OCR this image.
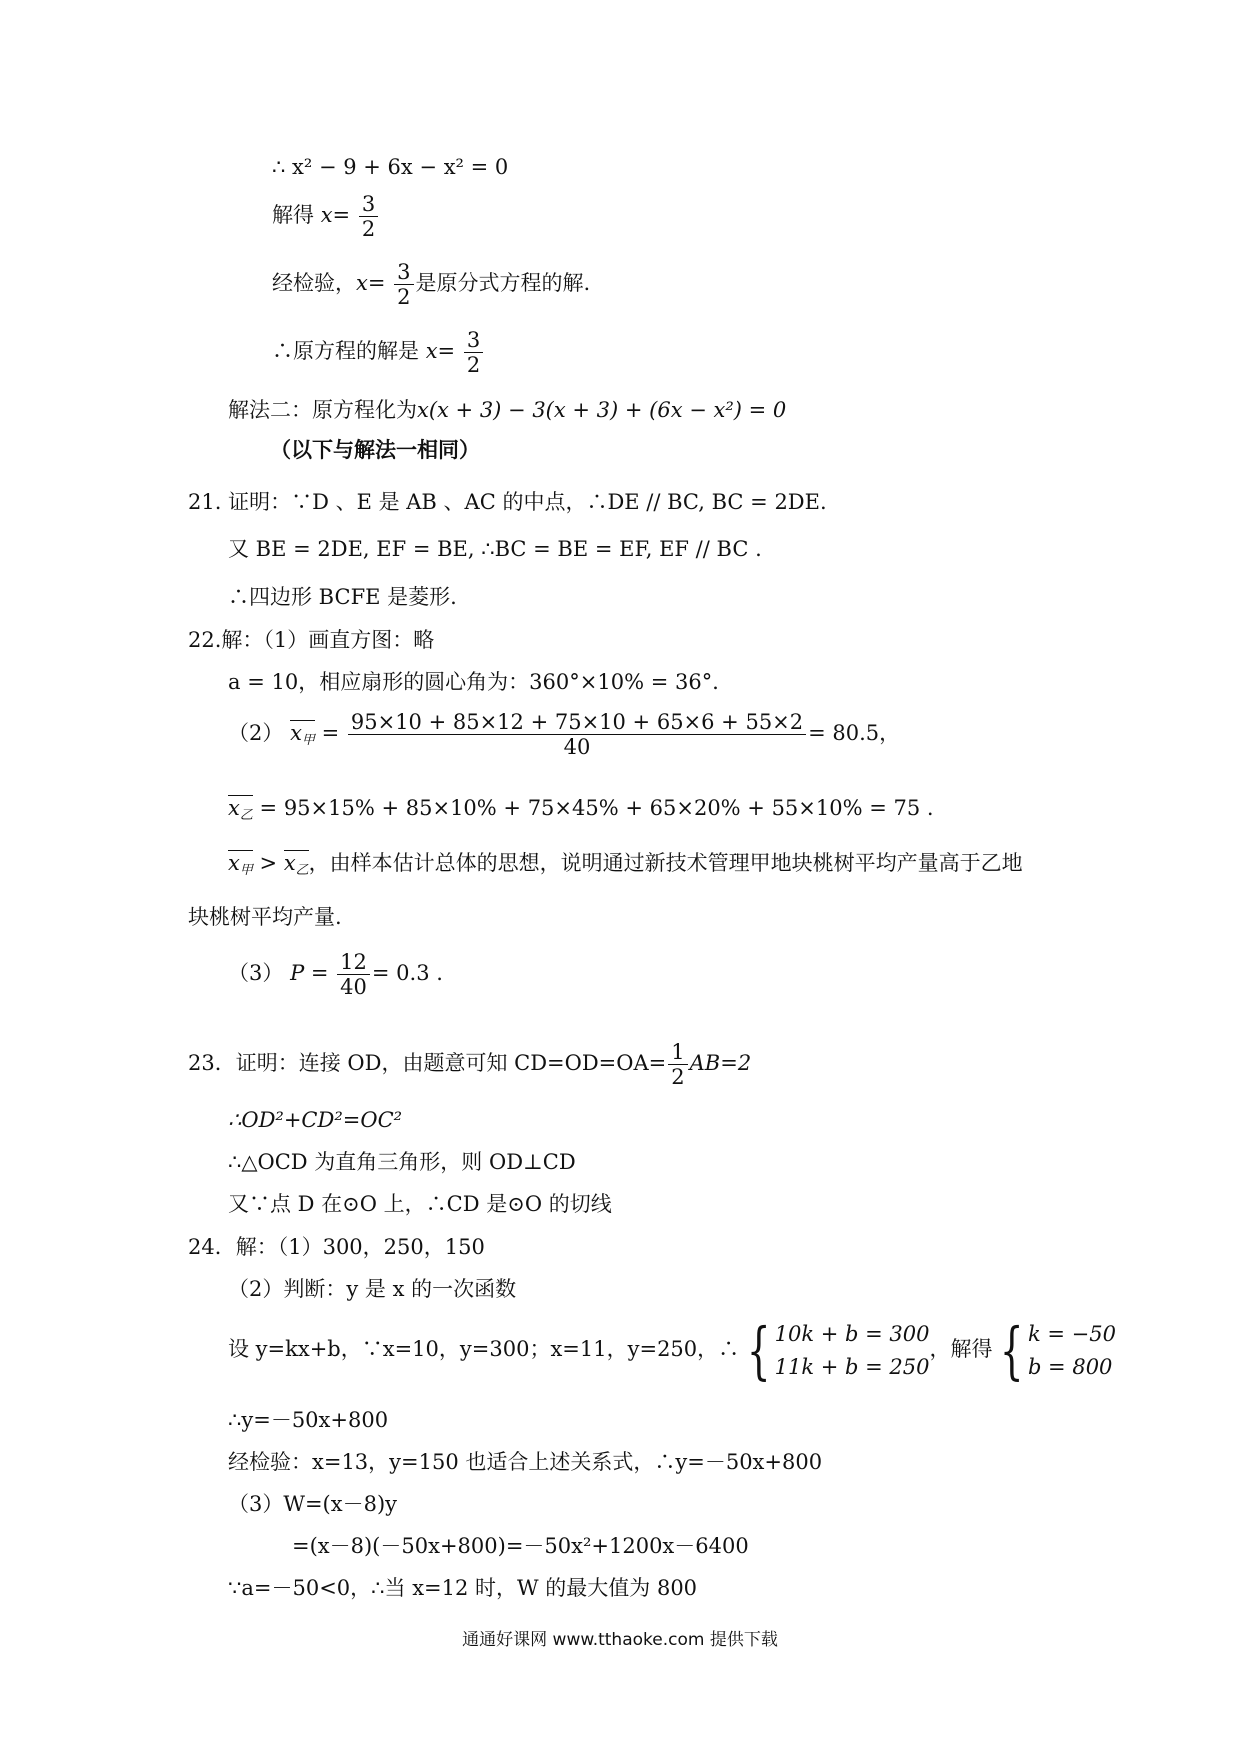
∴ x² − 9 + 6x − x² = 0
解得 $x= \frac{3}{2}$
经检验，$x= \frac{3}{2}$ 是原分式方程的解.
∴原方程的解是 $x= \frac{3}{2}$
解法二：原方程化为x(x + 3) − 3(x + 3) + (6x − x²) = 0
（以下与解法一相同）
21. 证明：∵D 、E 是 AB 、AC 的中点，∴DE // BC, BC = 2DE.
又 BE = 2DE, EF = BE, ∴BC = BE = EF, EF // BC .
∴四边形 BCFE 是菱形.
22.解：（1）画直方图：略
a = 10，相应扇形的圆心角为：360°×10% = 36°．
（2） $x_甲 = \frac{95\times 10 + 85\times 12 + 75\times 10 + 65\times 6 + 55\times 2}{40} = 80.5$，
$x_乙 = 95\times 15\% + 85\times 10\% + 75\times 45\% + 65\times 20\% + 55\times 10\% = 75$ .
$x_甲 > x_乙$，由样本估计总体的思想，说明通过新技术管理甲地块桃树平均产量高于乙地
块桃树平均产量.
（3） $P = \frac{12}{40} = 0.3$ .
23．证明：连接 OD，由题意可知 $CD=OD=OA= \frac{1}{2} AB=2$
∴OD²+CD²=OC²
∴△OCD 为直角三角形，则 OD⊥CD
又∵点 D 在⊙O 上，∴CD 是⊙O 的切线
24．解：（1）300，250，150
（2）判断：y 是 x 的一次函数
设 y=kx+b，∵x=10，y=300；x=11，y=250，∴ { 10k + b = 300
11k + b = 250
，解得 { k = −50
b = 800
∴y=－50x+800
经检验：x=13，y=150 也适合上述关系式，∴y=－50x+800
（3）W=(x－8)y
=(x－8)(－50x+800)=－50x²+1200x－6400
∵a=－50<0，∴当 x=12 时，W 的最大值为 800
通通好课网 www.tthaoke.com 提供下载
